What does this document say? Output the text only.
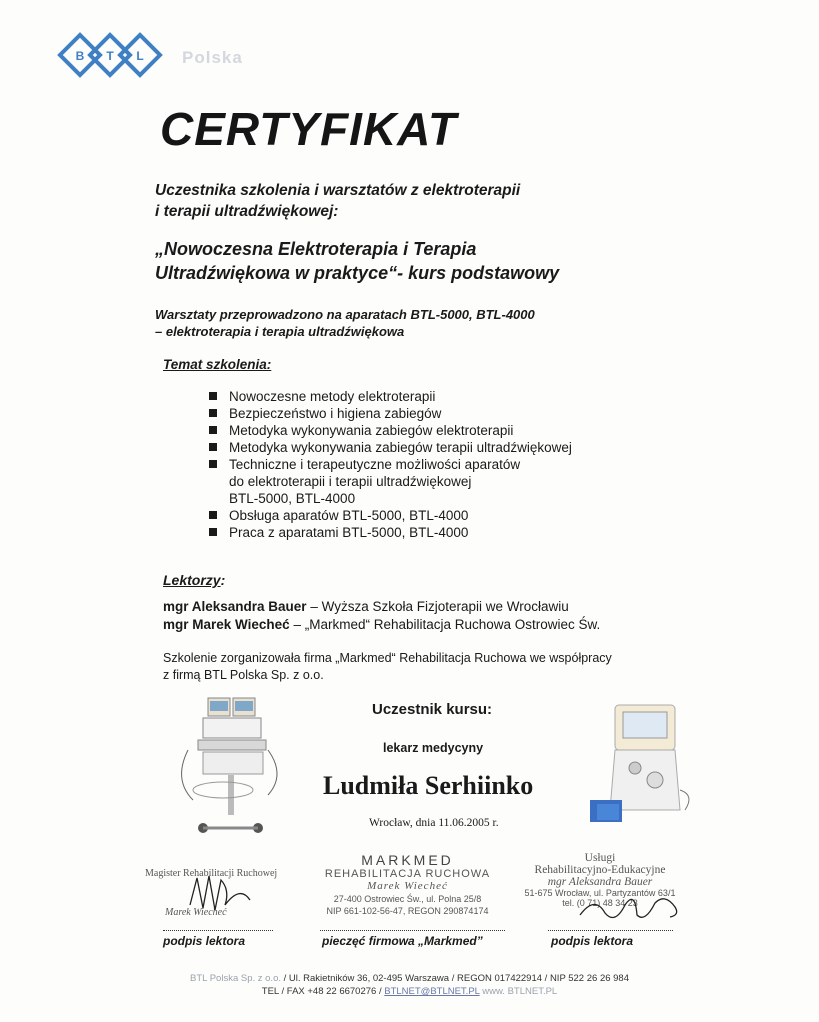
B T L Polska
CERTYFIKAT
Uczestnika szkolenia i warsztatów z elektroterapii
i terapii ultradźwiękowej:
„Nowoczesna Elektroterapia i Terapia
Ultradźwiękowa w praktyce“- kurs podstawowy
Warsztaty przeprowadzono na aparatach BTL-5000, BTL-4000
– elektroterapia i terapia ultradźwiękowa
Temat szkolenia:
Nowoczesne metody elektroterapii
Bezpieczeństwo i higiena zabiegów
Metodyka wykonywania zabiegów elektroterapii
Metodyka wykonywania zabiegów terapii ultradźwiękowej
Techniczne i terapeutyczne możliwości aparatów
do elektroterapii i terapii ultradźwiękowej
BTL-5000, BTL-4000
Obsługa aparatów BTL-5000, BTL-4000
Praca z aparatami BTL-5000, BTL-4000
Lektorzy:
mgr Aleksandra Bauer – Wyższa Szkoła Fizjoterapii we Wrocławiu
mgr Marek Wiecheć – „Markmed“ Rehabilitacja Ruchowa Ostrowiec Św.
Szkolenie zorganizowała firma „Markmed“ Rehabilitacja Ruchowa we współpracy
z firmą BTL Polska Sp. z o.o.
Uczestnik kursu:
lekarz medycyny
Ludmiła Serhiinko
Wrocław, dnia 11.06.2005 r.
Magister Rehabilitacji Ruchowej
Marek Wiecheć
MARKMED
REHABILITACJA RUCHOWA
Marek Wiecheć
27-400 Ostrowiec Św., ul. Polna 25/8
NIP 661-102-56-47, REGON 290874174
Usługi
Rehabilitacyjno-Edukacyjne
mgr Aleksandra Bauer
51-675 Wrocław, ul. Partyzantów 63/1
tel. (0 71) 48 34 23
podpis lektora	pieczęć firmowa „Markmed”	podpis lektora
BTL Polska Sp. z o.o. / Ul. Rakietników 36, 02-495 Warszawa / REGON 017422914 / NIP 522 26 26 984
TEL / FAX +48 22 6670276 / BTLNET@BTLNET.PL www. BTLNET.PL
